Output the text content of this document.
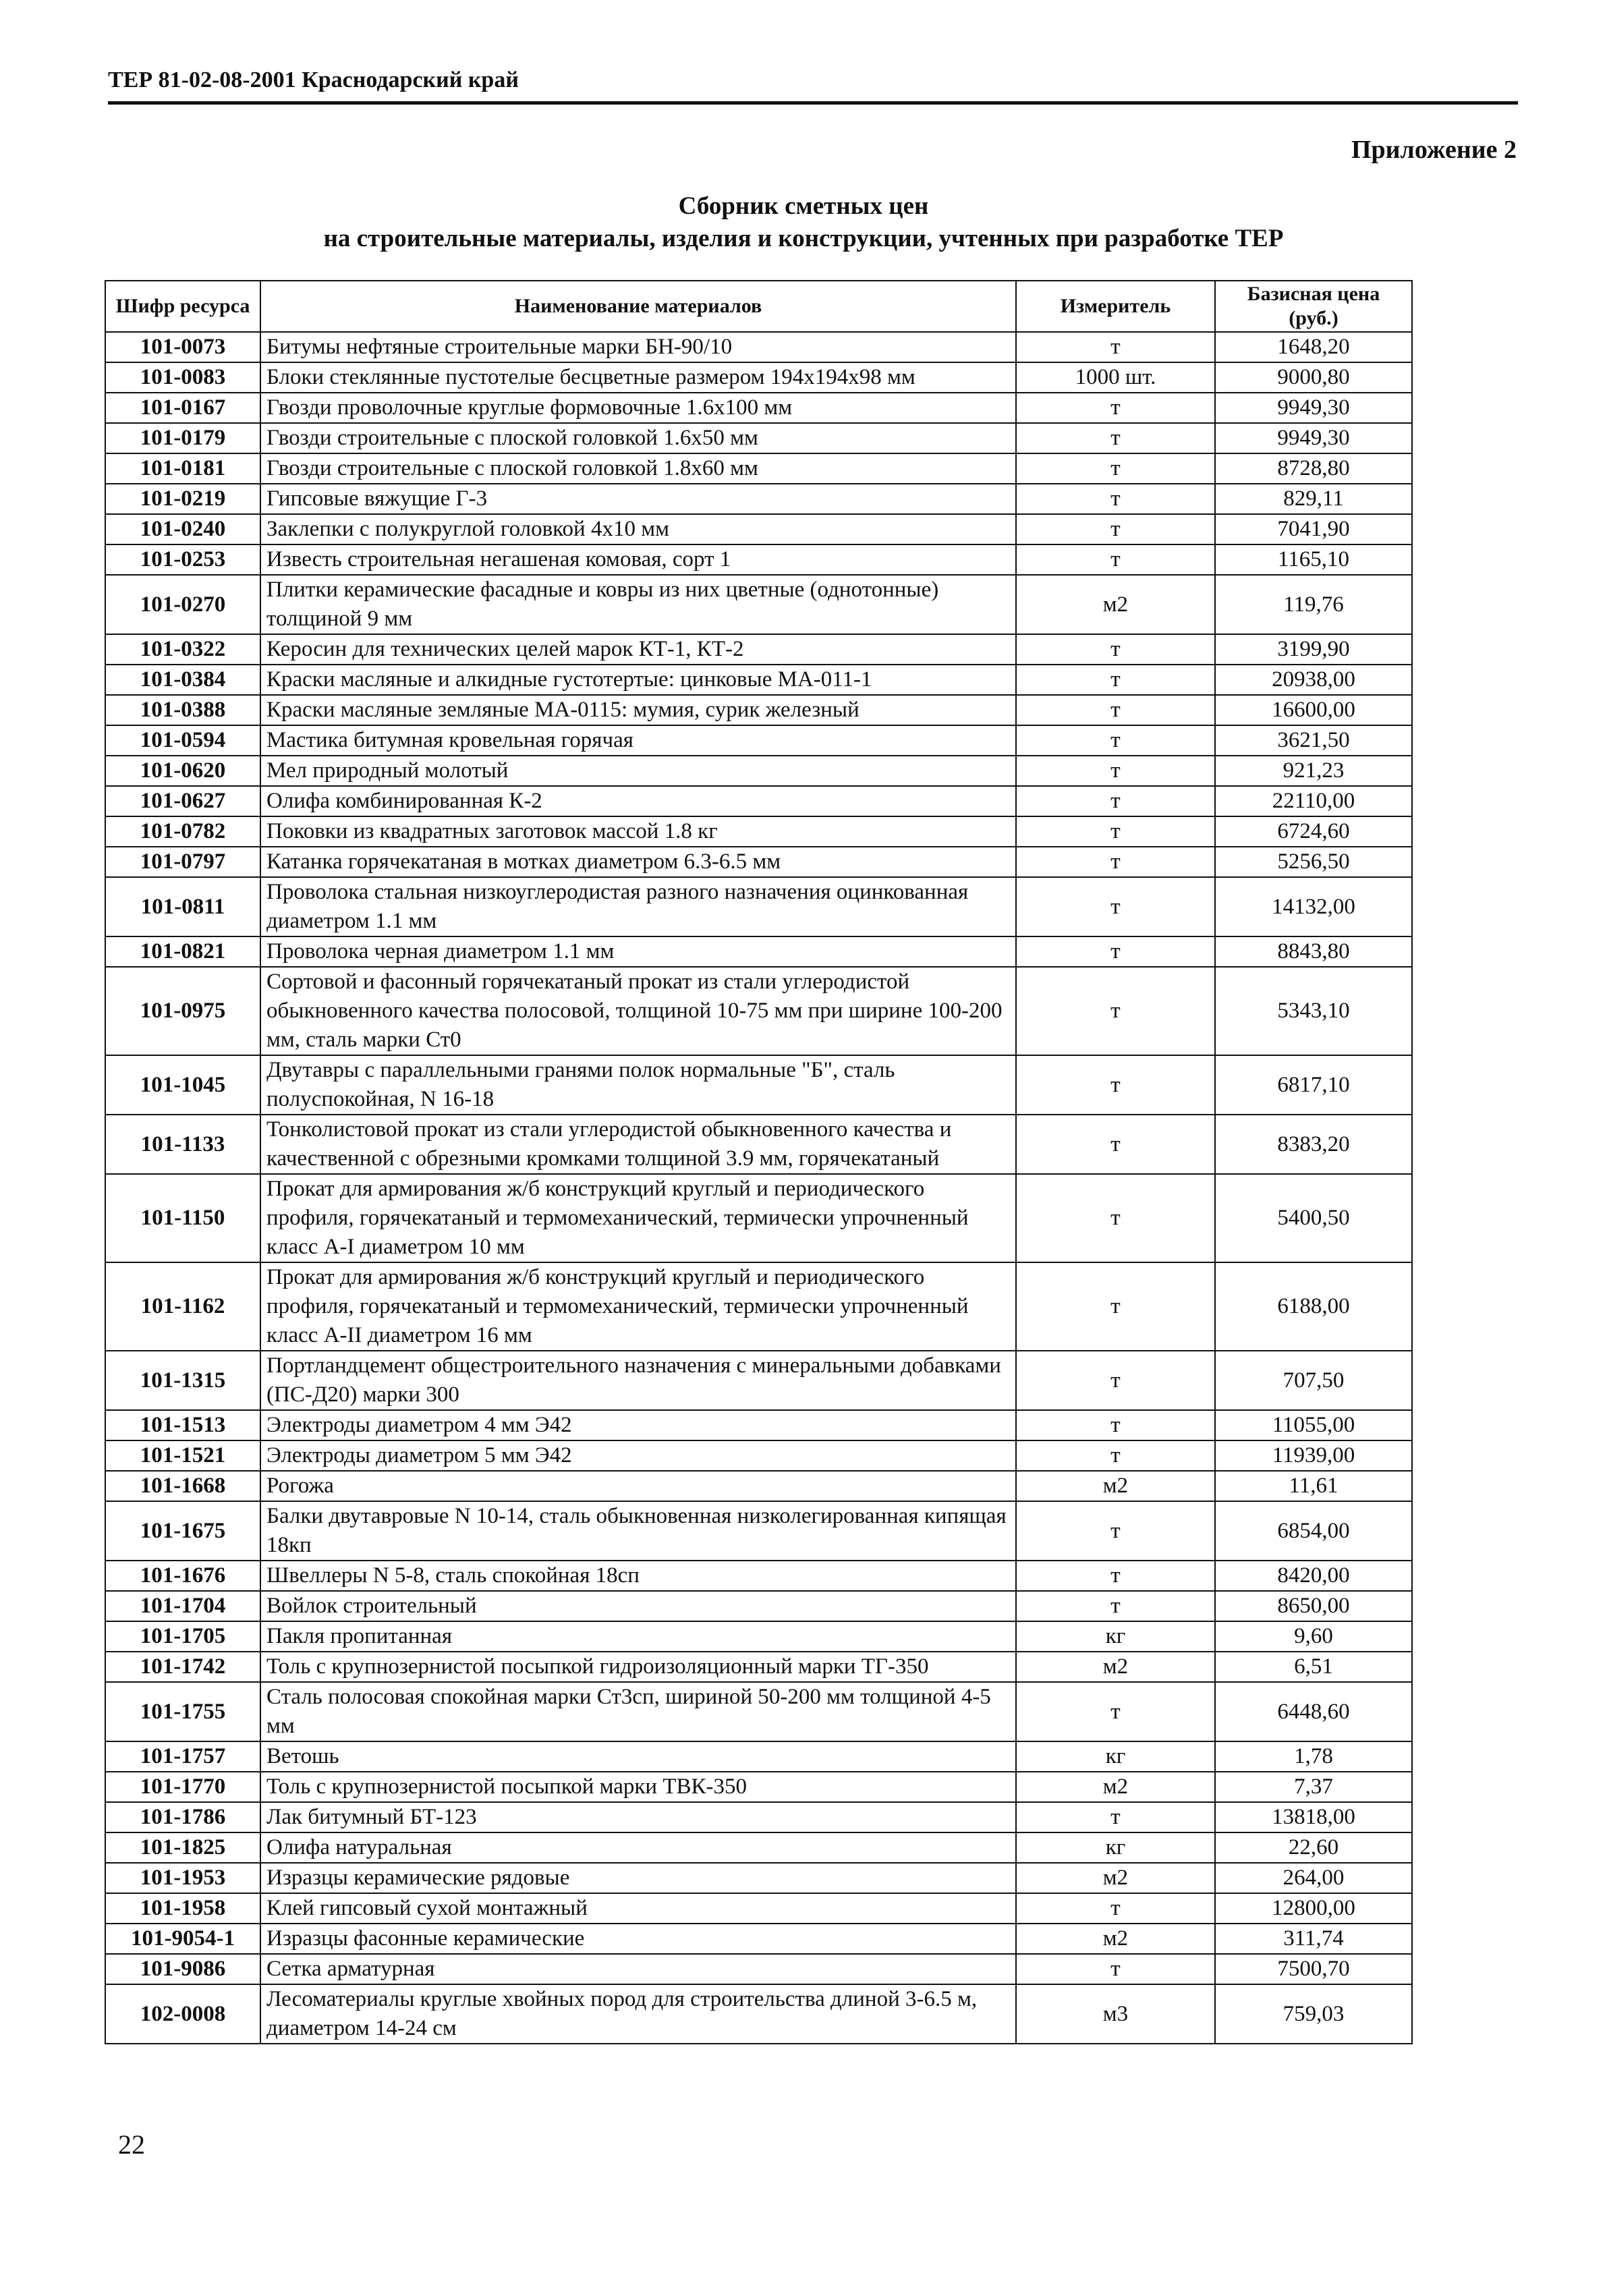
ТЕР 81-02-08-2001 Краснодарский край
Приложение 2
Сборник сметных цен
на строительные материалы, изделия и конструкции, учтенных при разработке ТЕР
Шифр ресурса	Наименование материалов	Измеритель	Базисная цена (руб.)
101-0073	Битумы нефтяные строительные марки БН-90/10	т	1648,20
101-0083	Блоки стеклянные пустотелые бесцветные размером 194х194х98 мм	1000 шт.	9000,80
101-0167	Гвозди проволочные круглые формовочные 1.6х100 мм	т	9949,30
101-0179	Гвозди строительные с плоской головкой 1.6х50 мм	т	9949,30
101-0181	Гвозди строительные с плоской головкой 1.8х60 мм	т	8728,80
101-0219	Гипсовые вяжущие Г-3	т	829,11
101-0240	Заклепки с полукруглой головкой 4х10 мм	т	7041,90
101-0253	Известь строительная негашеная комовая, сорт 1	т	1165,10
101-0270	Плитки керамические фасадные и ковры из них цветные (однотонные) толщиной 9 мм	м2	119,76
101-0322	Керосин для технических целей марок КТ-1, КТ-2	т	3199,90
101-0384	Краски масляные и алкидные густотертые: цинковые МА-011-1	т	20938,00
101-0388	Краски масляные земляные МА-0115: мумия, сурик железный	т	16600,00
101-0594	Мастика битумная кровельная горячая	т	3621,50
101-0620	Мел природный молотый	т	921,23
101-0627	Олифа комбинированная К-2	т	22110,00
101-0782	Поковки из квадратных заготовок массой 1.8 кг	т	6724,60
101-0797	Катанка горячекатаная в мотках диаметром 6.3-6.5 мм	т	5256,50
101-0811	Проволока стальная низкоуглеродистая разного назначения оцинкованная диаметром 1.1 мм	т	14132,00
101-0821	Проволока черная диаметром 1.1 мм	т	8843,80
101-0975	Сортовой и фасонный горячекатаный прокат из стали углеродистой обыкновенного качества полосовой, толщиной 10-75 мм при ширине 100-200 мм, сталь марки Ст0	т	5343,10
101-1045	Двутавры с параллельными гранями полок нормальные "Б", сталь полуспокойная, N 16-18	т	6817,10
101-1133	Тонколистовой прокат из стали углеродистой обыкновенного качества и качественной с обрезными кромками толщиной 3.9 мм, горячекатаный	т	8383,20
101-1150	Прокат для армирования ж/б конструкций круглый и периодического профиля, горячекатаный и термомеханический, термически упрочненный класс А-I диаметром 10 мм	т	5400,50
101-1162	Прокат для армирования ж/б конструкций круглый и периодического профиля, горячекатаный и термомеханический, термически упрочненный класс А-II диаметром 16 мм	т	6188,00
101-1315	Портландцемент общестроительного назначения с минеральными добавками (ПС-Д20) марки 300	т	707,50
101-1513	Электроды диаметром 4 мм Э42	т	11055,00
101-1521	Электроды диаметром 5 мм Э42	т	11939,00
101-1668	Рогожа	м2	11,61
101-1675	Балки двутавровые N 10-14, сталь обыкновенная низколегированная кипящая 18кп	т	6854,00
101-1676	Швеллеры N 5-8, сталь спокойная 18сп	т	8420,00
101-1704	Войлок строительный	т	8650,00
101-1705	Пакля пропитанная	кг	9,60
101-1742	Толь с крупнозернистой посыпкой гидроизоляционный марки ТГ-350	м2	6,51
101-1755	Сталь полосовая спокойная марки Ст3сп, шириной 50-200 мм толщиной 4-5 мм	т	6448,60
101-1757	Ветошь	кг	1,78
101-1770	Толь с крупнозернистой посыпкой марки ТВК-350	м2	7,37
101-1786	Лак битумный БТ-123	т	13818,00
101-1825	Олифа натуральная	кг	22,60
101-1953	Изразцы керамические рядовые	м2	264,00
101-1958	Клей гипсовый сухой монтажный	т	12800,00
101-9054-1	Изразцы фасонные керамические	м2	311,74
101-9086	Сетка арматурная	т	7500,70
102-0008	Лесоматериалы круглые хвойных пород для строительства длиной 3-6.5 м, диаметром 14-24 см	м3	759,03
22
